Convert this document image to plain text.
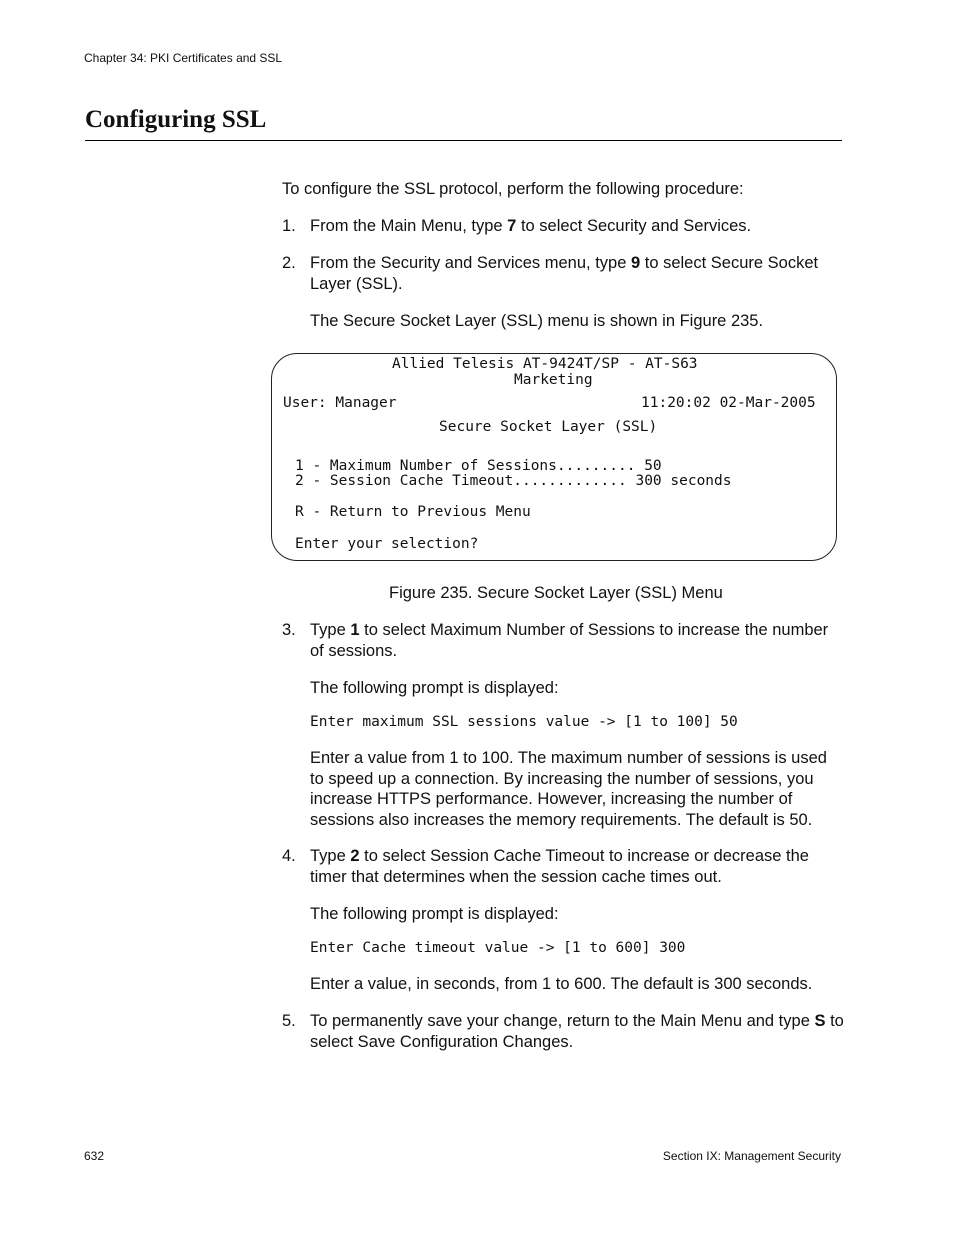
Chapter 34: PKI Certificates and SSL
Configuring SSL
To configure the SSL protocol, perform the following procedure:
1. From the Main Menu, type 7 to select Security and Services.
2. From the Security and Services menu, type 9 to select Secure Socket Layer (SSL).
The Secure Socket Layer (SSL) menu is shown in Figure 235.
Allied Telesis AT-9424T/SP - AT-S63
Marketing
User: Manager	11:20:02 02-Mar-2005
Secure Socket Layer (SSL)
1 - Maximum Number of Sessions......... 50
2 - Session Cache Timeout............. 300 seconds
R - Return to Previous Menu
Enter your selection?
Figure 235. Secure Socket Layer (SSL) Menu
3. Type 1 to select Maximum Number of Sessions to increase the number of sessions.
The following prompt is displayed:
Enter maximum SSL sessions value -> [1 to 100] 50
Enter a value from 1 to 100. The maximum number of sessions is used to speed up a connection. By increasing the number of sessions, you increase HTTPS performance. However, increasing the number of sessions also increases the memory requirements. The default is 50.
4. Type 2 to select Session Cache Timeout to increase or decrease the timer that determines when the session cache times out.
The following prompt is displayed:
Enter Cache timeout value -> [1 to 600] 300
Enter a value, in seconds, from 1 to 600. The default is 300 seconds.
5. To permanently save your change, return to the Main Menu and type S to select Save Configuration Changes.
632	Section IX: Management Security
